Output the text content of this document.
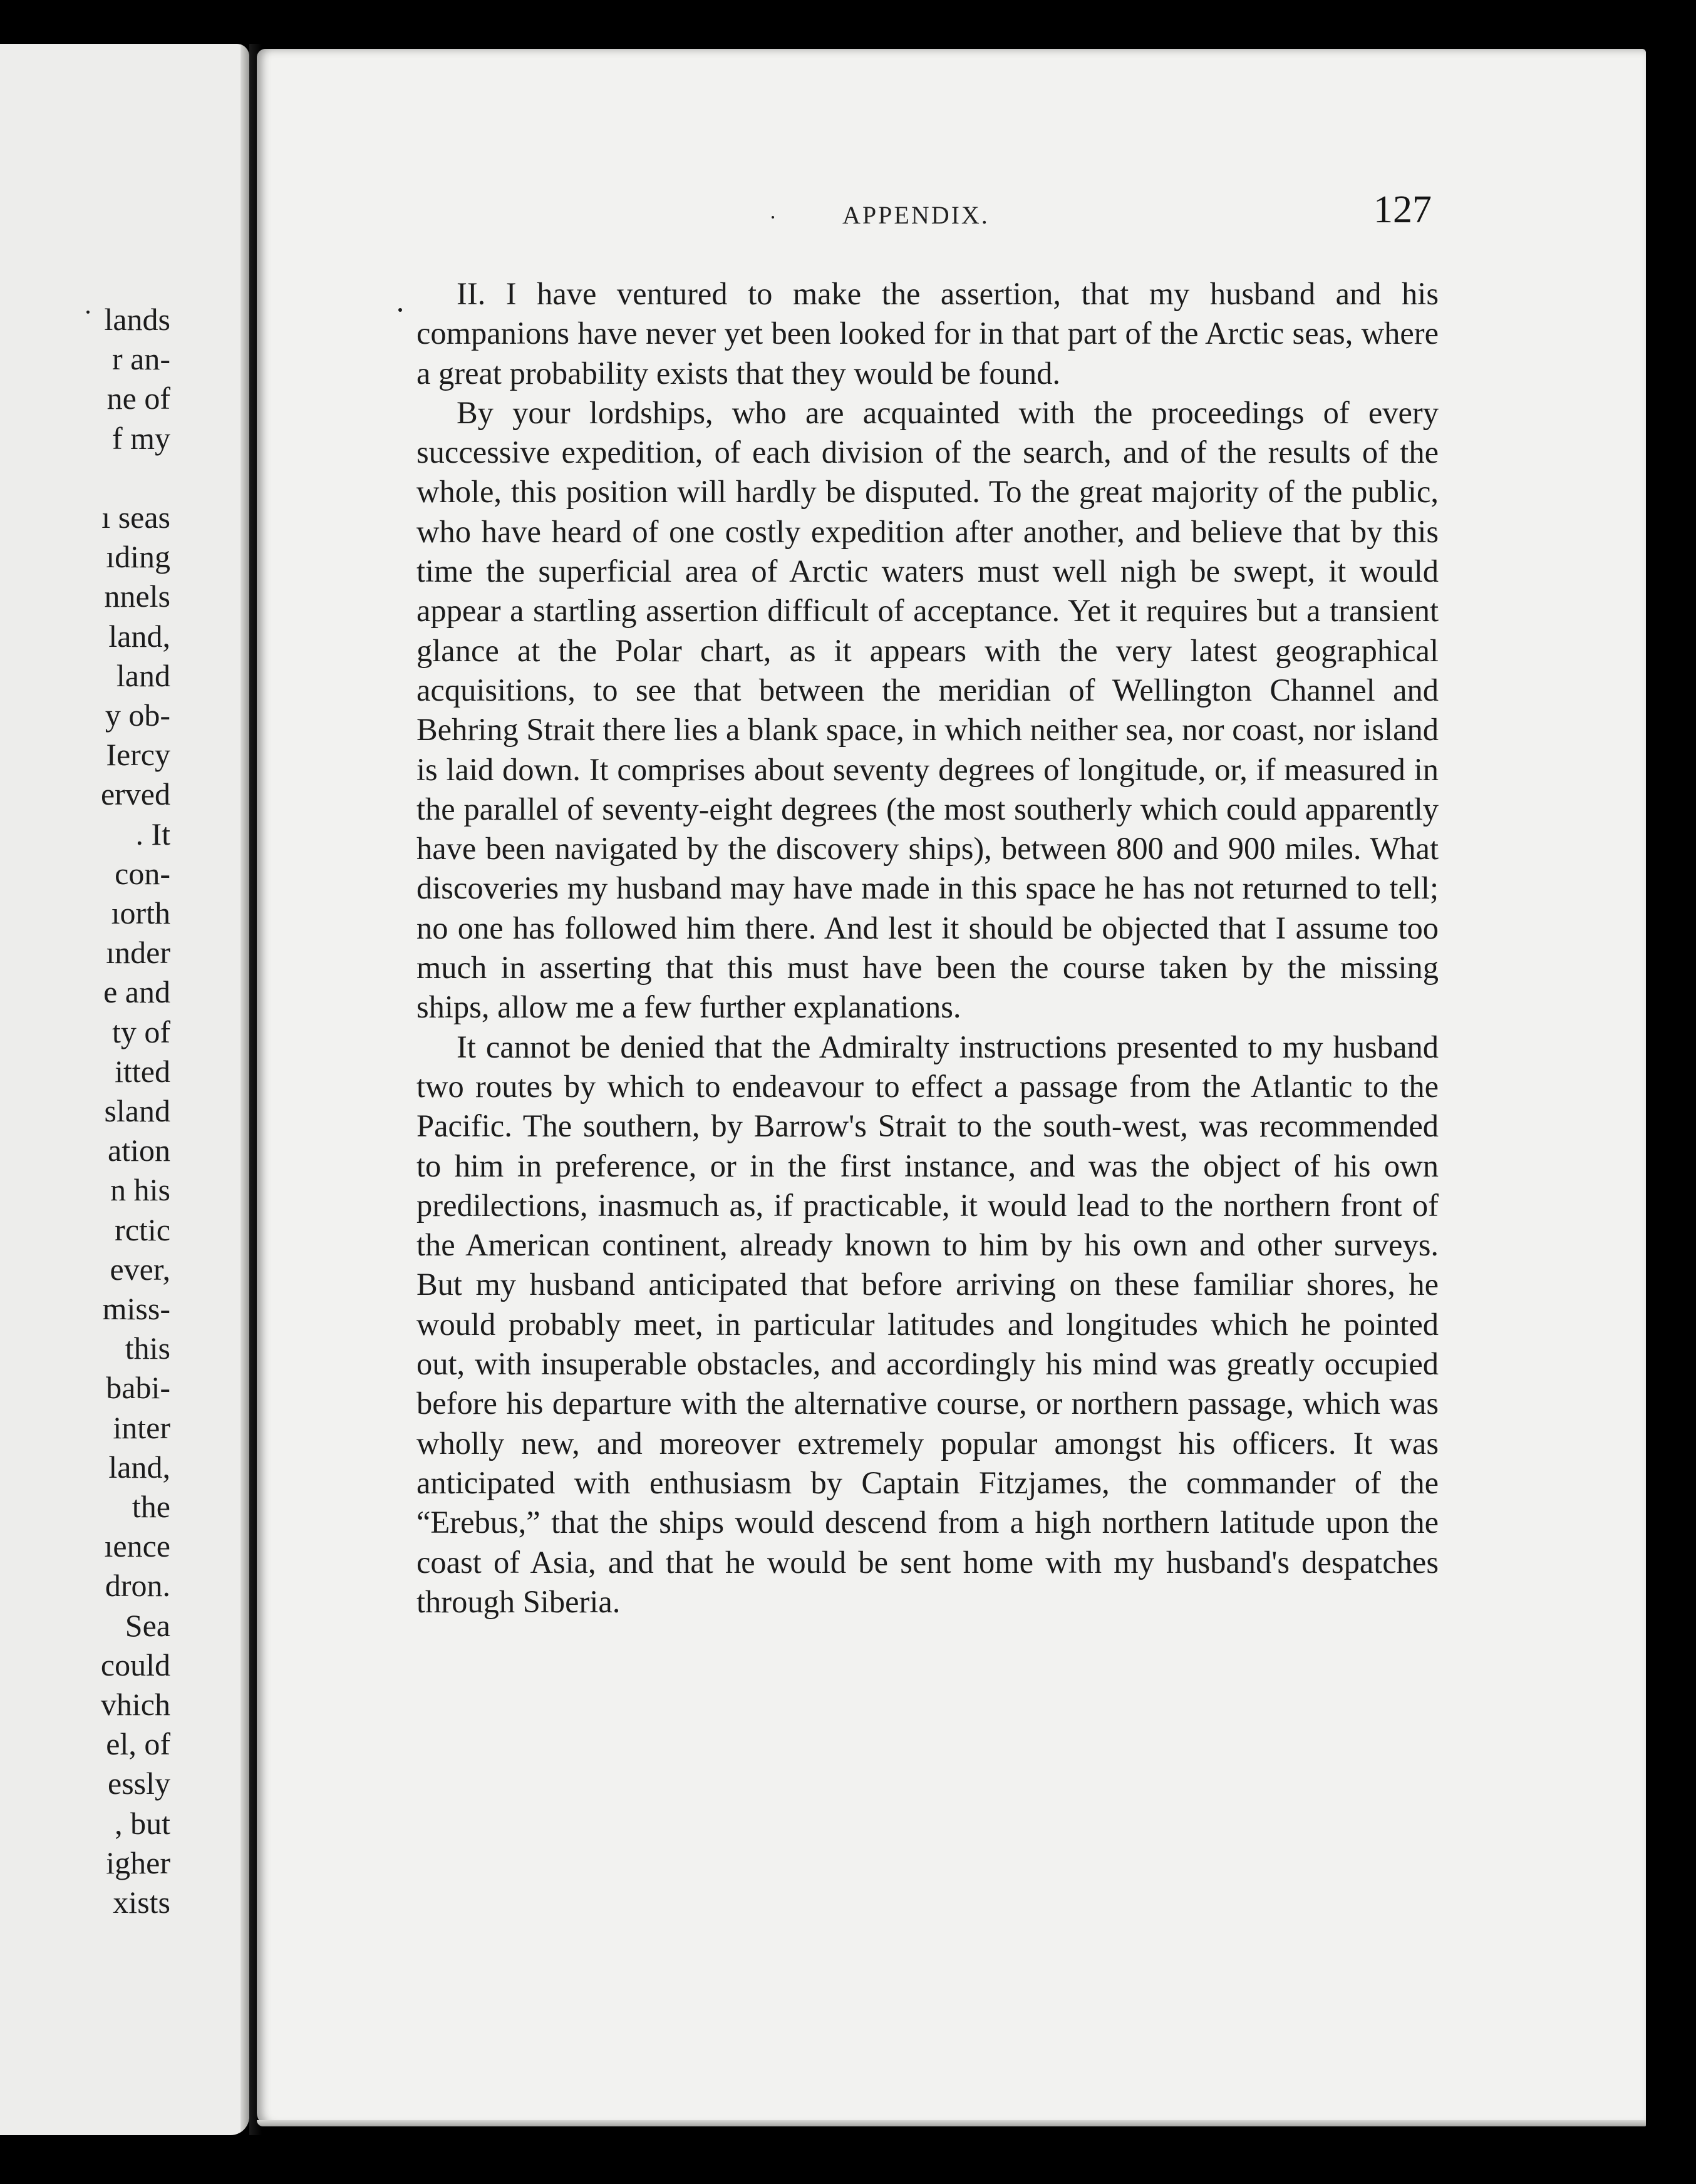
lands
r an-
ne of
f my
ı seas
ıding
nnels
land,
land
y ob-
Iercy
erved
. It
con-
ıorth
ınder
e and
ty of
itted
sland
ation
n his
rctic
ever,
miss-
this
babi-
inter
land,
the
ıence
dron.
Sea
could
vhich
el, of
essly
, but
igher
xists
APPENDIX.	127

II. I have ventured to make the assertion, that my husband and his companions have never yet been looked for in that part of the Arctic seas, where a great probability exists that they would be found.

By your lordships, who are acquainted with the proceedings of every successive expedition, of each division of the search, and of the results of the whole, this position will hardly be disputed. To the great majority of the public, who have heard of one costly expedition after another, and believe that by this time the superficial area of Arctic waters must well nigh be swept, it would appear a startling assertion difficult of acceptance. Yet it requires but a transient glance at the Polar chart, as it appears with the very latest geographical acquisitions, to see that between the meridian of Wellington Channel and Behring Strait there lies a blank space, in which neither sea, nor coast, nor island is laid down. It comprises about seventy degrees of longitude, or, if measured in the parallel of seventy-eight degrees (the most southerly which could apparently have been navigated by the discovery ships), between 800 and 900 miles. What discoveries my husband may have made in this space he has not returned to tell; no one has followed him there. And lest it should be objected that I assume too much in asserting that this must have been the course taken by the missing ships, allow me a few further explanations.

It cannot be denied that the Admiralty instructions presented to my husband two routes by which to endeavour to effect a passage from the Atlantic to the Pacific. The southern, by Barrow's Strait to the south-west, was recommended to him in preference, or in the first instance, and was the object of his own predilections, inasmuch as, if practicable, it would lead to the northern front of the American continent, already known to him by his own and other surveys. But my husband anticipated that before arriving on these familiar shores, he would probably meet, in particular latitudes and longitudes which he pointed out, with insuperable obstacles, and accordingly his mind was greatly occupied before his departure with the alternative course, or northern passage, which was wholly new, and moreover extremely popular amongst his officers. It was anticipated with enthusiasm by Captain Fitzjames, the commander of the “Erebus,” that the ships would descend from a high northern latitude upon the coast of Asia, and that he would be sent home with my husband's despatches through Siberia.
